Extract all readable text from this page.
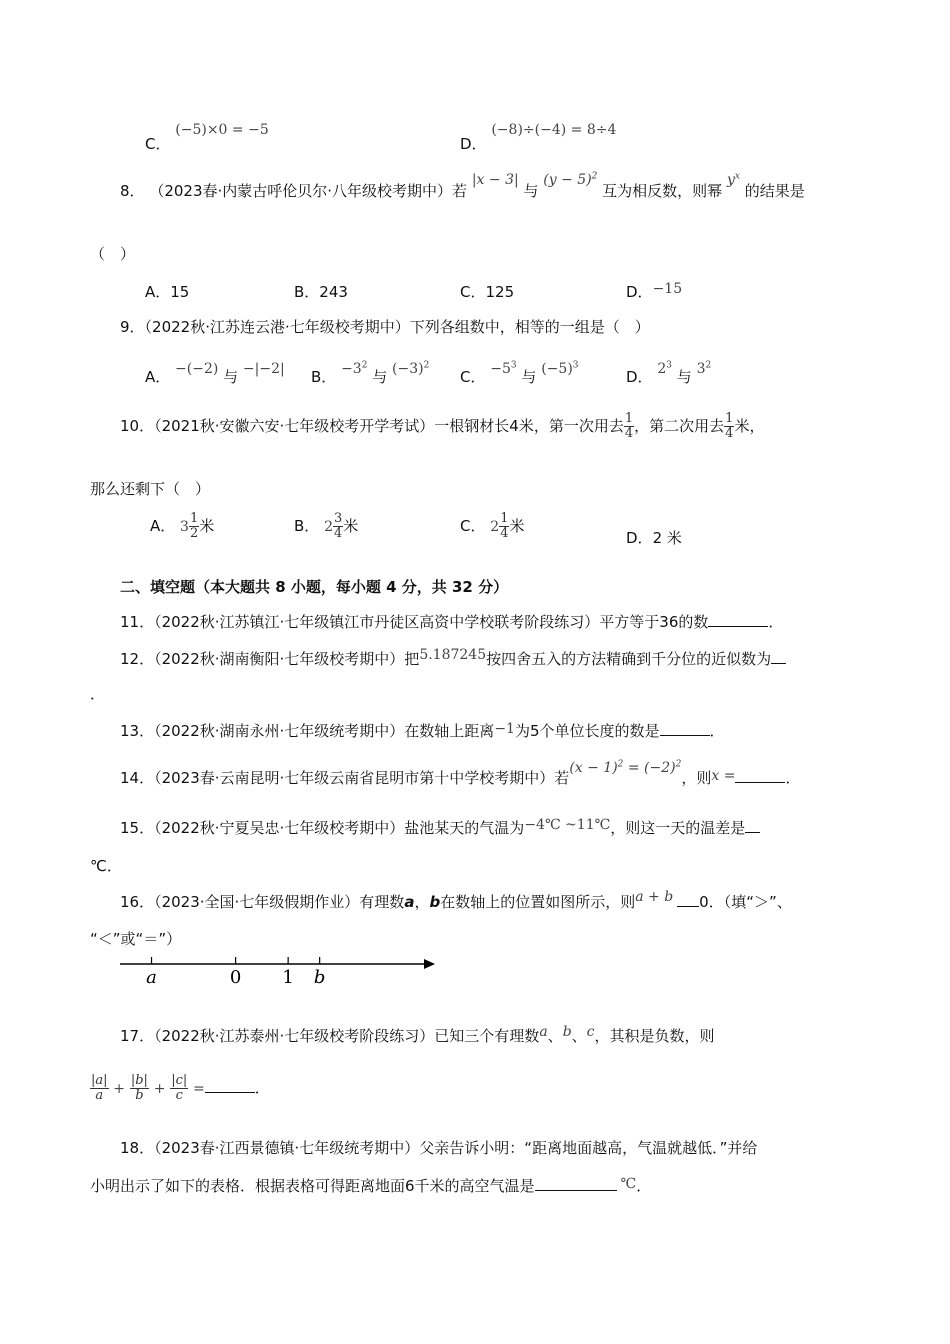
C． (−5)×0 = −5
D． (−8)÷(−4) = 8÷4
8． （2023春·内蒙古呼伦贝尔·八年级校考期中）若 |x − 3| 与 $(y - 5)^2$ 互为相反数，则幂 $y^x$ 的结果是
（　）
A．15	B．243	C．125	D．−15
9．（2022秋·江苏连云港·七年级校考期中）下列各组数中，相等的一组是（　）
A． −(−2) 与 −|−2| B． $-3^2$ 与 $(-3)^2$
C． $-5^3$ 与 $(-5)^3$
D． $2^3$ 与 $3^2$
10．（2021秋·安徽六安·七年级校考开学考试）一根钢材长4米，第一次用去 $\frac{1}{4}$ ，第二次用去 $\frac{1}{4}$ 米，
那么还剩下（　）
A． $3 \frac{1}{2}$ 米	B． $2 \frac{3}{4}$ 米	C． $2 \frac{1}{4}$ 米
D．2 米
二、填空题（本大题共 8 小题，每小题 4 分，共 32 分）
11．（2022秋·江苏镇江·七年级镇江市丹徒区高资中学校联考阶段练习）平方等于36的数	．
12．（2022秋·湖南衡阳·七年级校考期中）把5.187245按四舍五入的方法精确到千分位的近似数为
．
13．（2022秋·湖南永州·七年级统考期中）在数轴上距离−1为5个单位长度的数是	．
14．（2023春·云南昆明·七年级云南省昆明市第十中学校考期中）若$(x - 1)^2 = (-2)^2$，则x =	．
15．（2022秋·宁夏吴忠·七年级校考期中）盐池某天的气温为−4℃ ~11℃，则这一天的温差是
℃．
16．（2023·全国·七年级假期作业）有理数a，b在数轴上的位置如图所示，则a + b 0．（填“＞”、
“＜”或“＝”）
a	0 1 b
17．（2022秋·江苏泰州·七年级校考阶段练习）已知三个有理数a、b、c，其积是负数，则
$\frac{|a|}{a} + \frac{|b|}{b} + \frac{|c|}{c}$ =	．
18．（2023春·江西景德镇·七年级统考期中）父亲告诉小明：“距离地面越高，气温就越低．”并给
小明出示了如下的表格．根据表格可得距离地面6千米的高空气温是	℃．
